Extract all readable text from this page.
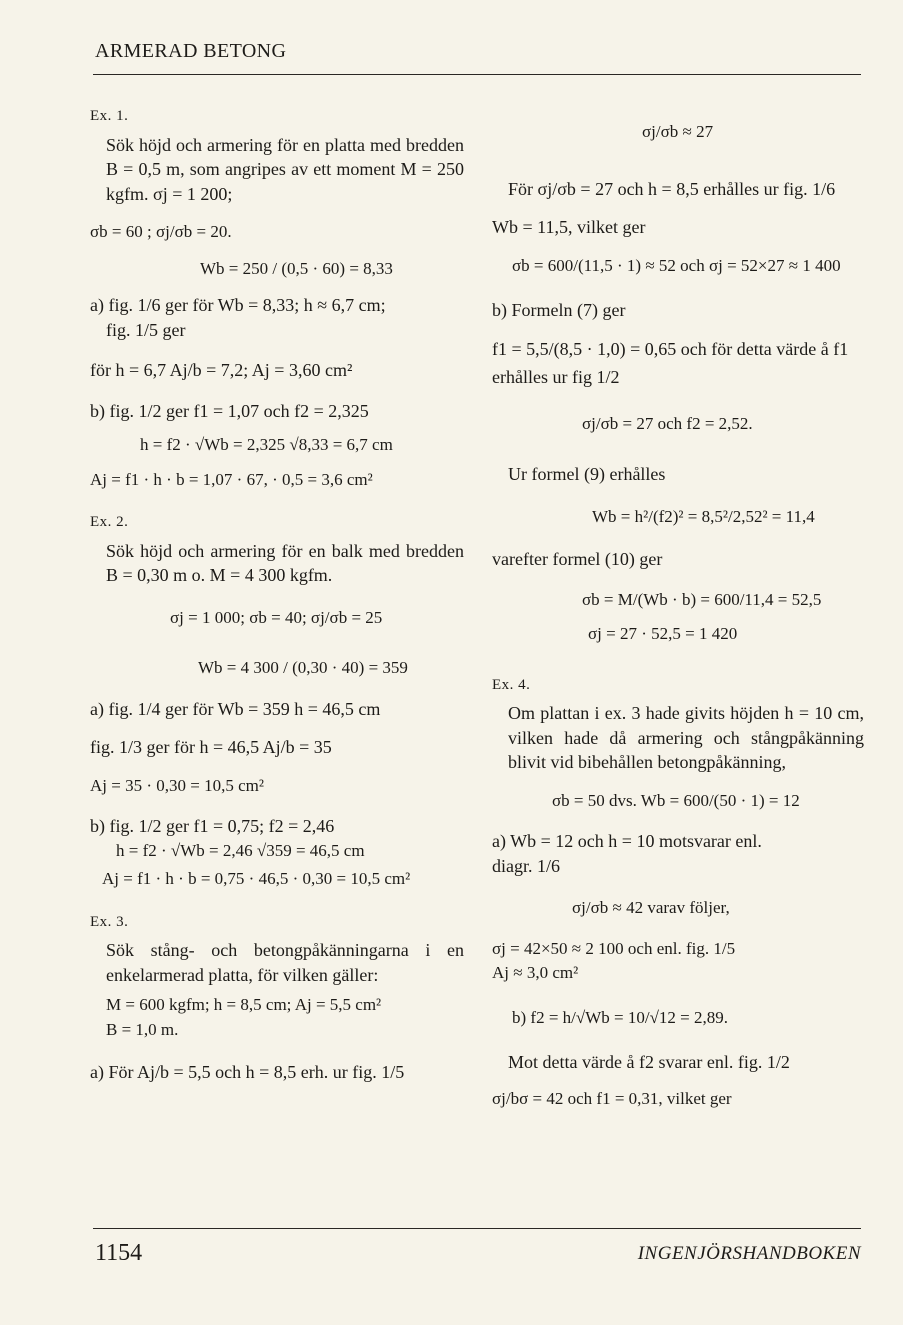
ARMERAD BETONG
Ex. 1.
Sök höjd och armering för en platta med bredden B = 0,5 m, som angripes av ett moment M = 250 kgfm. σj = 1 200;
σb = 60 ; σj/σb = 20.
Wb = 250 / (0,5 · 60) = 8,33
a) fig. 1/6 ger för Wb = 8,33; h ≈ 6,7 cm;
fig. 1/5 ger
för h = 6,7 Aj/b = 7,2; Aj = 3,60 cm²
b) fig. 1/2 ger f1 = 1,07 och f2 = 2,325
h = f2 · √Wb = 2,325 √8,33 = 6,7 cm
Aj = f1 · h · b = 1,07 · 67, · 0,5 = 3,6 cm²
Ex. 2.
Sök höjd och armering för en balk med bredden B = 0,30 m o. M = 4 300 kgfm.
σj = 1 000; σb = 40; σj/σb = 25
Wb = 4 300 / (0,30 · 40) = 359
a) fig. 1/4 ger för Wb = 359 h = 46,5 cm
fig. 1/3 ger för h = 46,5 Aj/b = 35
Aj = 35 · 0,30 = 10,5 cm²
b) fig. 1/2 ger f1 = 0,75; f2 = 2,46
h = f2 · √Wb = 2,46 √359 = 46,5 cm
Aj = f1 · h · b = 0,75 · 46,5 · 0,30 = 10,5 cm²
Ex. 3.
Sök stång- och betongpåkänningarna i en enkelarmerad platta, för vilken gäller:
M = 600 kgfm; h = 8,5 cm; Aj = 5,5 cm²
B = 1,0 m.
a) För Aj/b = 5,5 och h = 8,5 erh. ur fig. 1/5
σj/σb ≈ 27
För σj/σb = 27 och h = 8,5 erhålles ur fig. 1/6
Wb = 11,5, vilket ger
σb = 600/(11,5 · 1) ≈ 52 och σj = 52×27 ≈ 1 400
b) Formeln (7) ger
f1 = 5,5/(8,5 · 1,0) = 0,65 och för detta värde å f1
erhålles ur fig 1/2
σj/σb = 27 och f2 = 2,52.
Ur formel (9) erhålles
Wb = h²/(f2)² = 8,5²/2,52² = 11,4
varefter formel (10) ger
σb = M/(Wb · b) = 600/11,4 = 52,5
σj = 27 · 52,5 = 1 420
Ex. 4.
Om plattan i ex. 3 hade givits höjden h = 10 cm, vilken hade då armering och stångpåkänning blivit vid bibehållen betongpåkänning,
σb = 50 dvs. Wb = 600/(50 · 1) = 12
a) Wb = 12 och h = 10 motsvarar enl.
diagr. 1/6
σj/σb ≈ 42 varav följer,
σj = 42×50 ≈ 2 100 och enl. fig. 1/5
Aj ≈ 3,0 cm²
b) f2 = h/√Wb = 10/√12 = 2,89.
Mot detta värde å f2 svarar enl. fig. 1/2
σj/bσ = 42 och f1 = 0,31, vilket ger
1154	INGENJÖRSHANDBOKEN
